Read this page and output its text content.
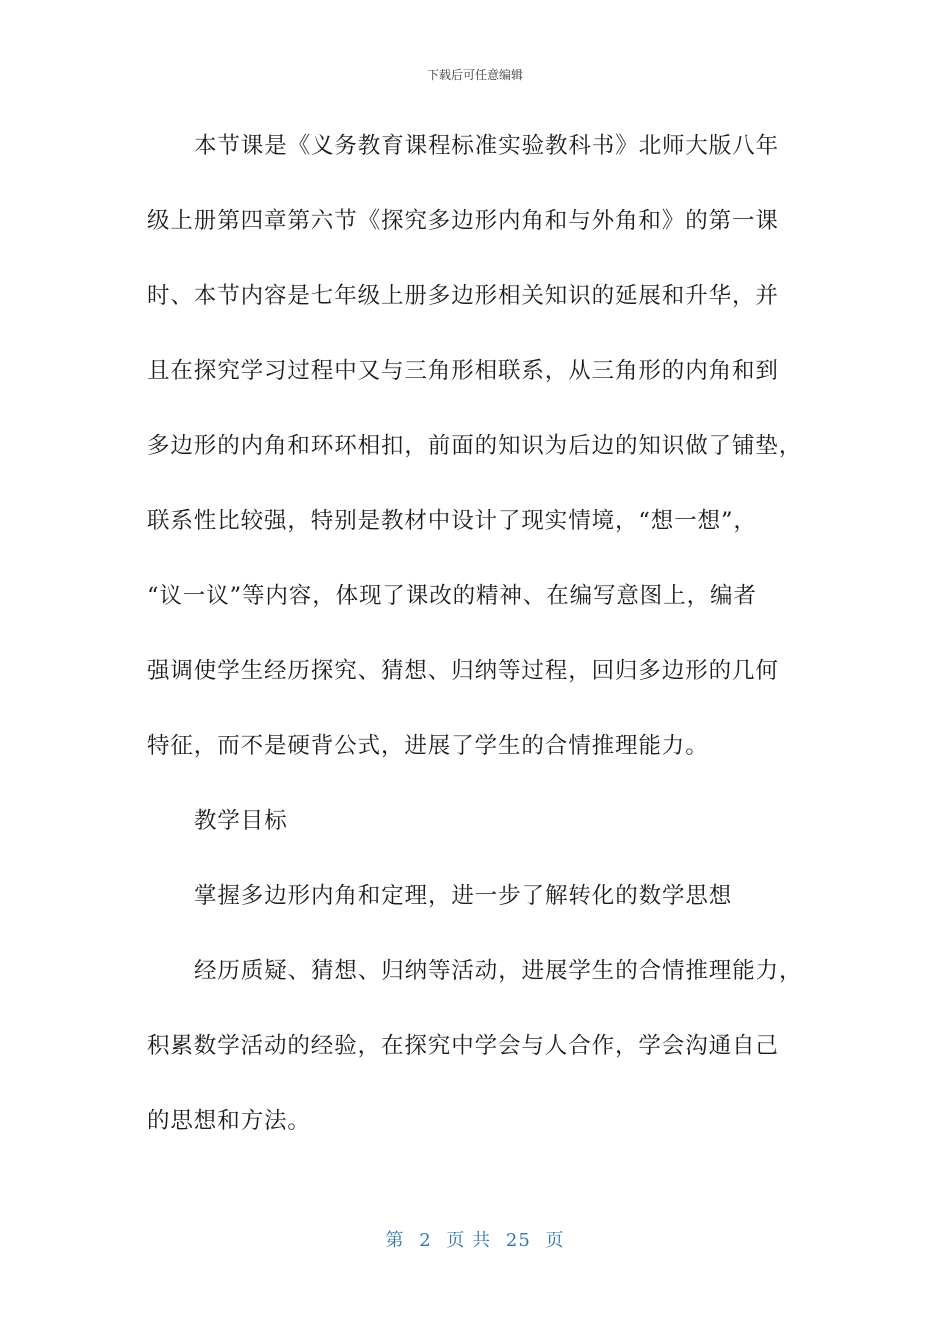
下载后可任意编辑
本节课是《义务教育课程标准实验教科书》北师大版八年
级上册第四章第六节《探究多边形内角和与外角和》的第一课
时、本节内容是七年级上册多边形相关知识的延展和升华，并
且在探究学习过程中又与三角形相联系，从三角形的内角和到
多边形的内角和环环相扣，前面的知识为后边的知识做了铺垫，
联系性比较强，特别是教材中设计了现实情境，“想一想”，
“议一议”等内容，体现了课改的精神、在编写意图上，编者
强调使学生经历探究、猜想、归纳等过程，回归多边形的几何
特征，而不是硬背公式，进展了学生的合情推理能力。
教学目标
掌握多边形内角和定理，进一步了解转化的数学思想
经历质疑、猜想、归纳等活动，进展学生的合情推理能力，
积累数学活动的经验，在探究中学会与人合作，学会沟通自己
的思想和方法。
第 2 页 共 25 页
